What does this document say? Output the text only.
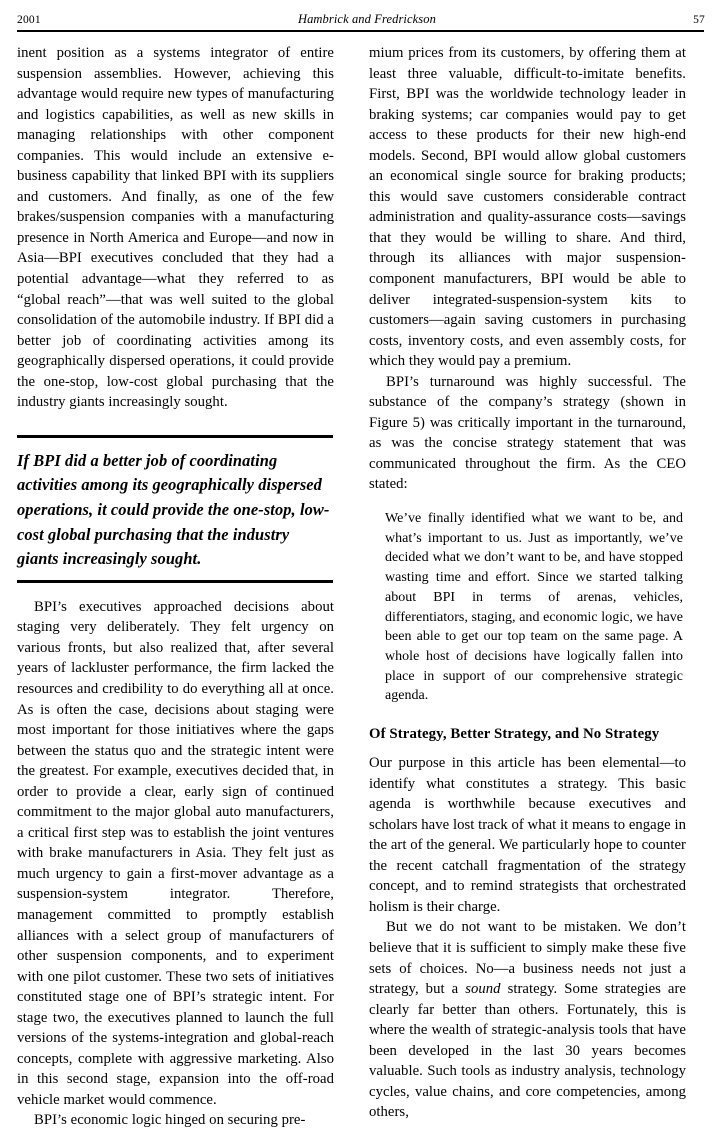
2001	Hambrick and Fredrickson	57

inent position as a systems integrator of entire suspension assemblies. However, achieving this advantage would require new types of manufacturing and logistics capabilities, as well as new skills in managing relationships with other component companies. This would include an extensive e-business capability that linked BPI with its suppliers and customers. And finally, as one of the few brakes/suspension companies with a manufacturing presence in North America and Europe—and now in Asia—BPI executives concluded that they had a potential advantage—what they referred to as “global reach”—that was well suited to the global consolidation of the automobile industry. If BPI did a better job of coordinating activities among its geographically dispersed operations, it could provide the one-stop, low-cost global purchasing that the industry giants increasingly sought.

If BPI did a better job of coordinating activities among its geographically dispersed operations, it could provide the one-stop, low-cost global purchasing that the industry giants increasingly sought.

BPI’s executives approached decisions about staging very deliberately. They felt urgency on various fronts, but also realized that, after several years of lackluster performance, the firm lacked the resources and credibility to do everything all at once. As is often the case, decisions about staging were most important for those initiatives where the gaps between the status quo and the strategic intent were the greatest. For example, executives decided that, in order to provide a clear, early sign of continued commitment to the major global auto manufacturers, a critical first step was to establish the joint ventures with brake manufacturers in Asia. They felt just as much urgency to gain a first-mover advantage as a suspension-system integrator. Therefore, management committed to promptly establish alliances with a select group of manufacturers of other suspension components, and to experiment with one pilot customer. These two sets of initiatives constituted stage one of BPI’s strategic intent. For stage two, the executives planned to launch the full versions of the systems-integration and global-reach concepts, complete with aggressive marketing. Also in this second stage, expansion into the off-road vehicle market would commence.

BPI’s economic logic hinged on securing pre-

mium prices from its customers, by offering them at least three valuable, difficult-to-imitate benefits. First, BPI was the worldwide technology leader in braking systems; car companies would pay to get access to these products for their new high-end models. Second, BPI would allow global customers an economical single source for braking products; this would save customers considerable contract administration and quality-assurance costs—savings that they would be willing to share. And third, through its alliances with major suspension-component manufacturers, BPI would be able to deliver integrated-suspension-system kits to customers—again saving customers in purchasing costs, inventory costs, and even assembly costs, for which they would pay a premium.

BPI’s turnaround was highly successful. The substance of the company’s strategy (shown in Figure 5) was critically important in the turnaround, as was the concise strategy statement that was communicated throughout the firm. As the CEO stated:

We’ve finally identified what we want to be, and what’s important to us. Just as importantly, we’ve decided what we don’t want to be, and have stopped wasting time and effort. Since we started talking about BPI in terms of arenas, vehicles, differentiators, staging, and economic logic, we have been able to get our top team on the same page. A whole host of decisions have logically fallen into place in support of our comprehensive strategic agenda.
Of Strategy, Better Strategy, and No Strategy

Our purpose in this article has been elemental—to identify what constitutes a strategy. This basic agenda is worthwhile because executives and scholars have lost track of what it means to engage in the art of the general. We particularly hope to counter the recent catchall fragmentation of the strategy concept, and to remind strategists that orchestrated holism is their charge.

But we do not want to be mistaken. We don’t believe that it is sufficient to simply make these five sets of choices. No—a business needs not just a strategy, but a sound strategy. Some strategies are clearly far better than others. Fortunately, this is where the wealth of strategic-analysis tools that have been developed in the last 30 years becomes valuable. Such tools as industry analysis, technology cycles, value chains, and core competencies, among others,
